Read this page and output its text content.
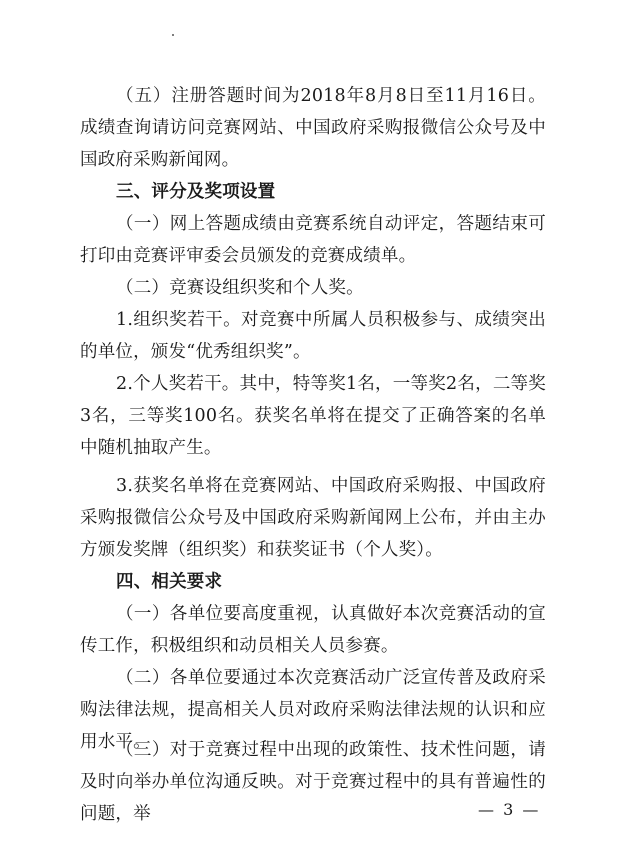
（五）注册答题时间为2018年8月8日至11月16日。成绩查询请访问竞赛网站、中国政府采购报微信公众号及中国政府采购新闻网。

三、评分及奖项设置

（一）网上答题成绩由竞赛系统自动评定，答题结束可打印由竞赛评审委会员颁发的竞赛成绩单。

（二）竞赛设组织奖和个人奖。

1.组织奖若干。对竞赛中所属人员积极参与、成绩突出的单位，颁发“优秀组织奖”。

2.个人奖若干。其中，特等奖1名，一等奖2名，二等奖3名，三等奖100名。获奖名单将在提交了正确答案的名单中随机抽取产生。

3.获奖名单将在竞赛网站、中国政府采购报、中国政府采购报微信公众号及中国政府采购新闻网上公布，并由主办方颁发奖牌（组织奖）和获奖证书（个人奖）。

四、相关要求

（一）各单位要高度重视，认真做好本次竞赛活动的宣传工作，积极组织和动员相关人员参赛。

（二）各单位要通过本次竞赛活动广泛宣传普及政府采购法律法规，提高相关人员对政府采购法律法规的认识和应用水平。

（三）对于竞赛过程中出现的政策性、技术性问题，请及时向举办单位沟通反映。对于竞赛过程中的具有普遍性的问题，举	— 3 —
